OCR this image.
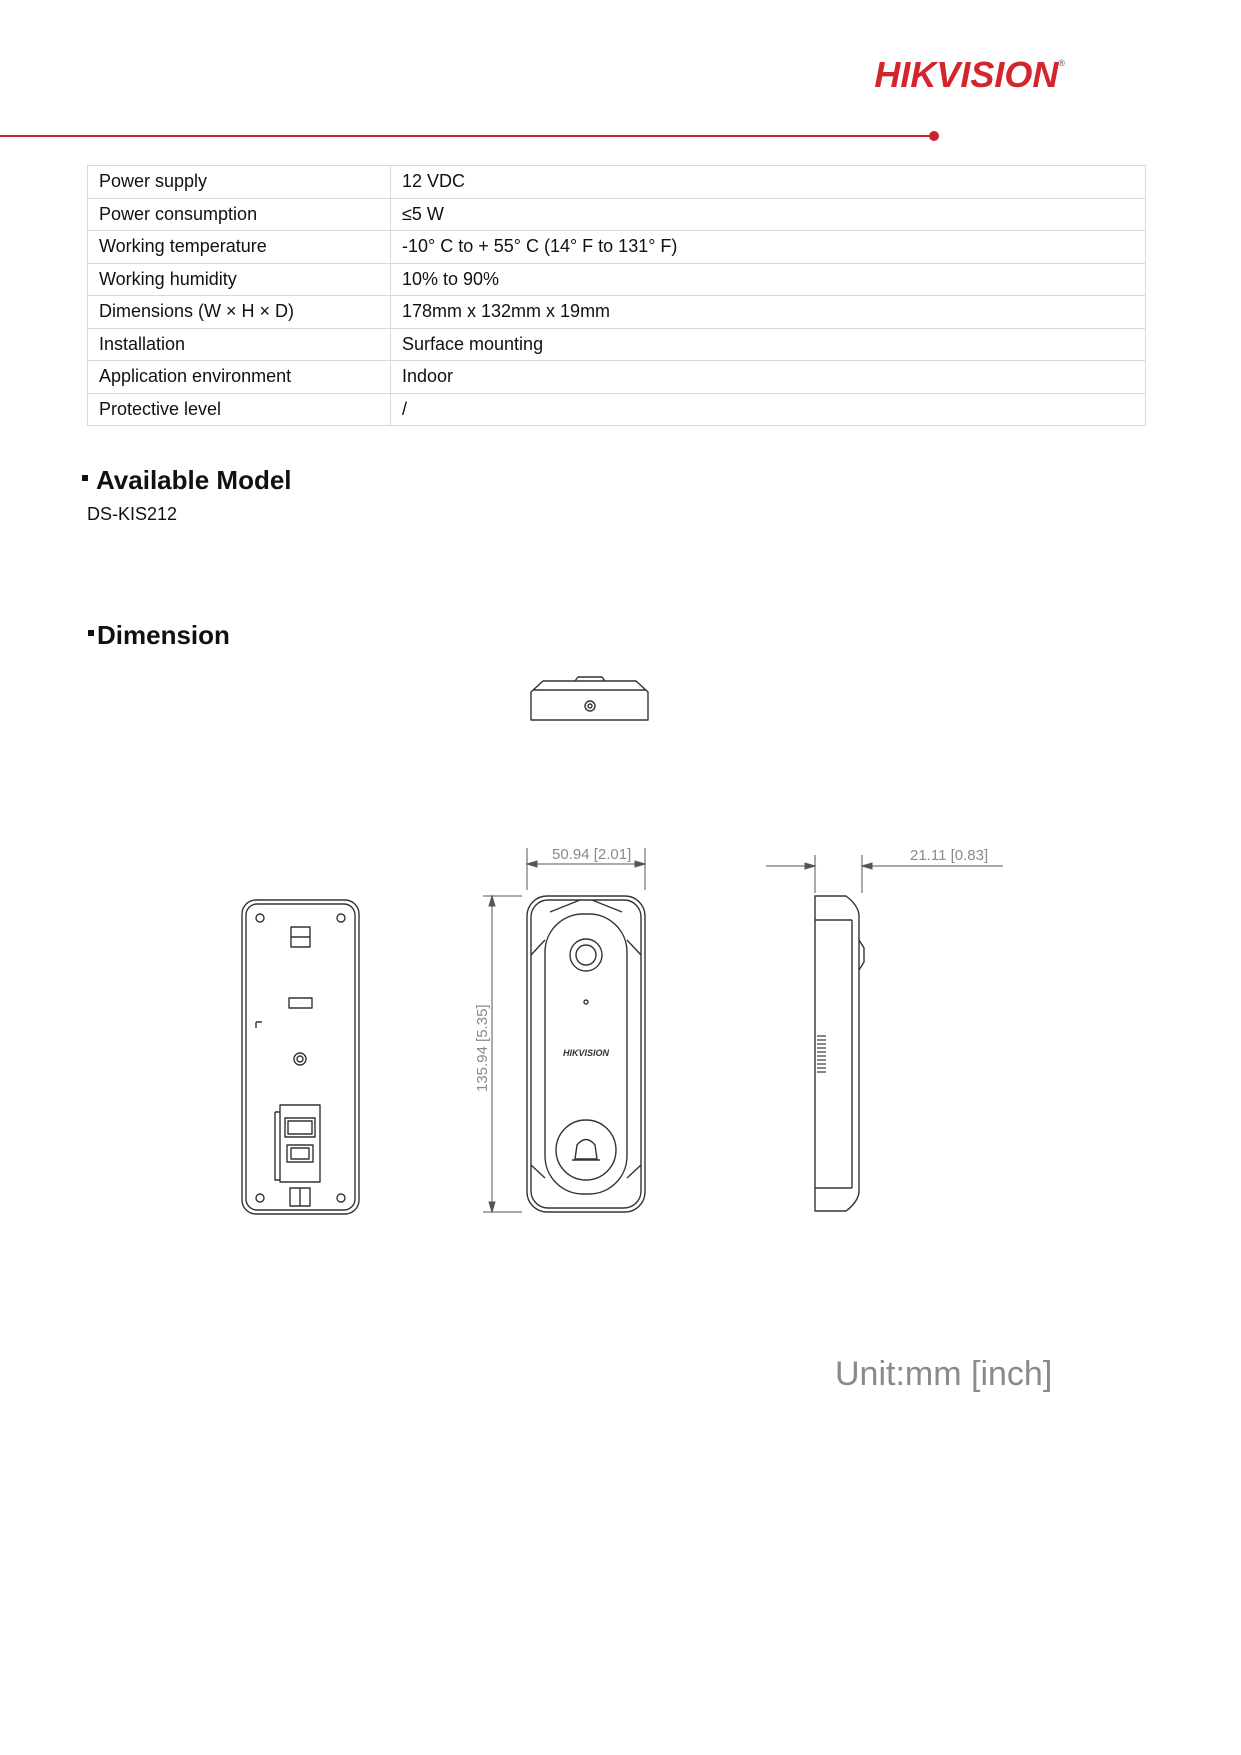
HIKVISION®
Power supply	12 VDC
Power consumption	≤5 W
Working temperature	-10° C to + 55° C (14° F to 131° F)
Working humidity	10% to 90%
Dimensions (W × H × D)	178mm x 132mm x 19mm
Installation	Surface mounting
Application environment	Indoor
Protective level	/
Available Model
DS-KIS212
Dimension
50.94 [2.01]	21.11 [0.83]
135.94 [5.35]	HIKVISION
Unit:mm [inch]
